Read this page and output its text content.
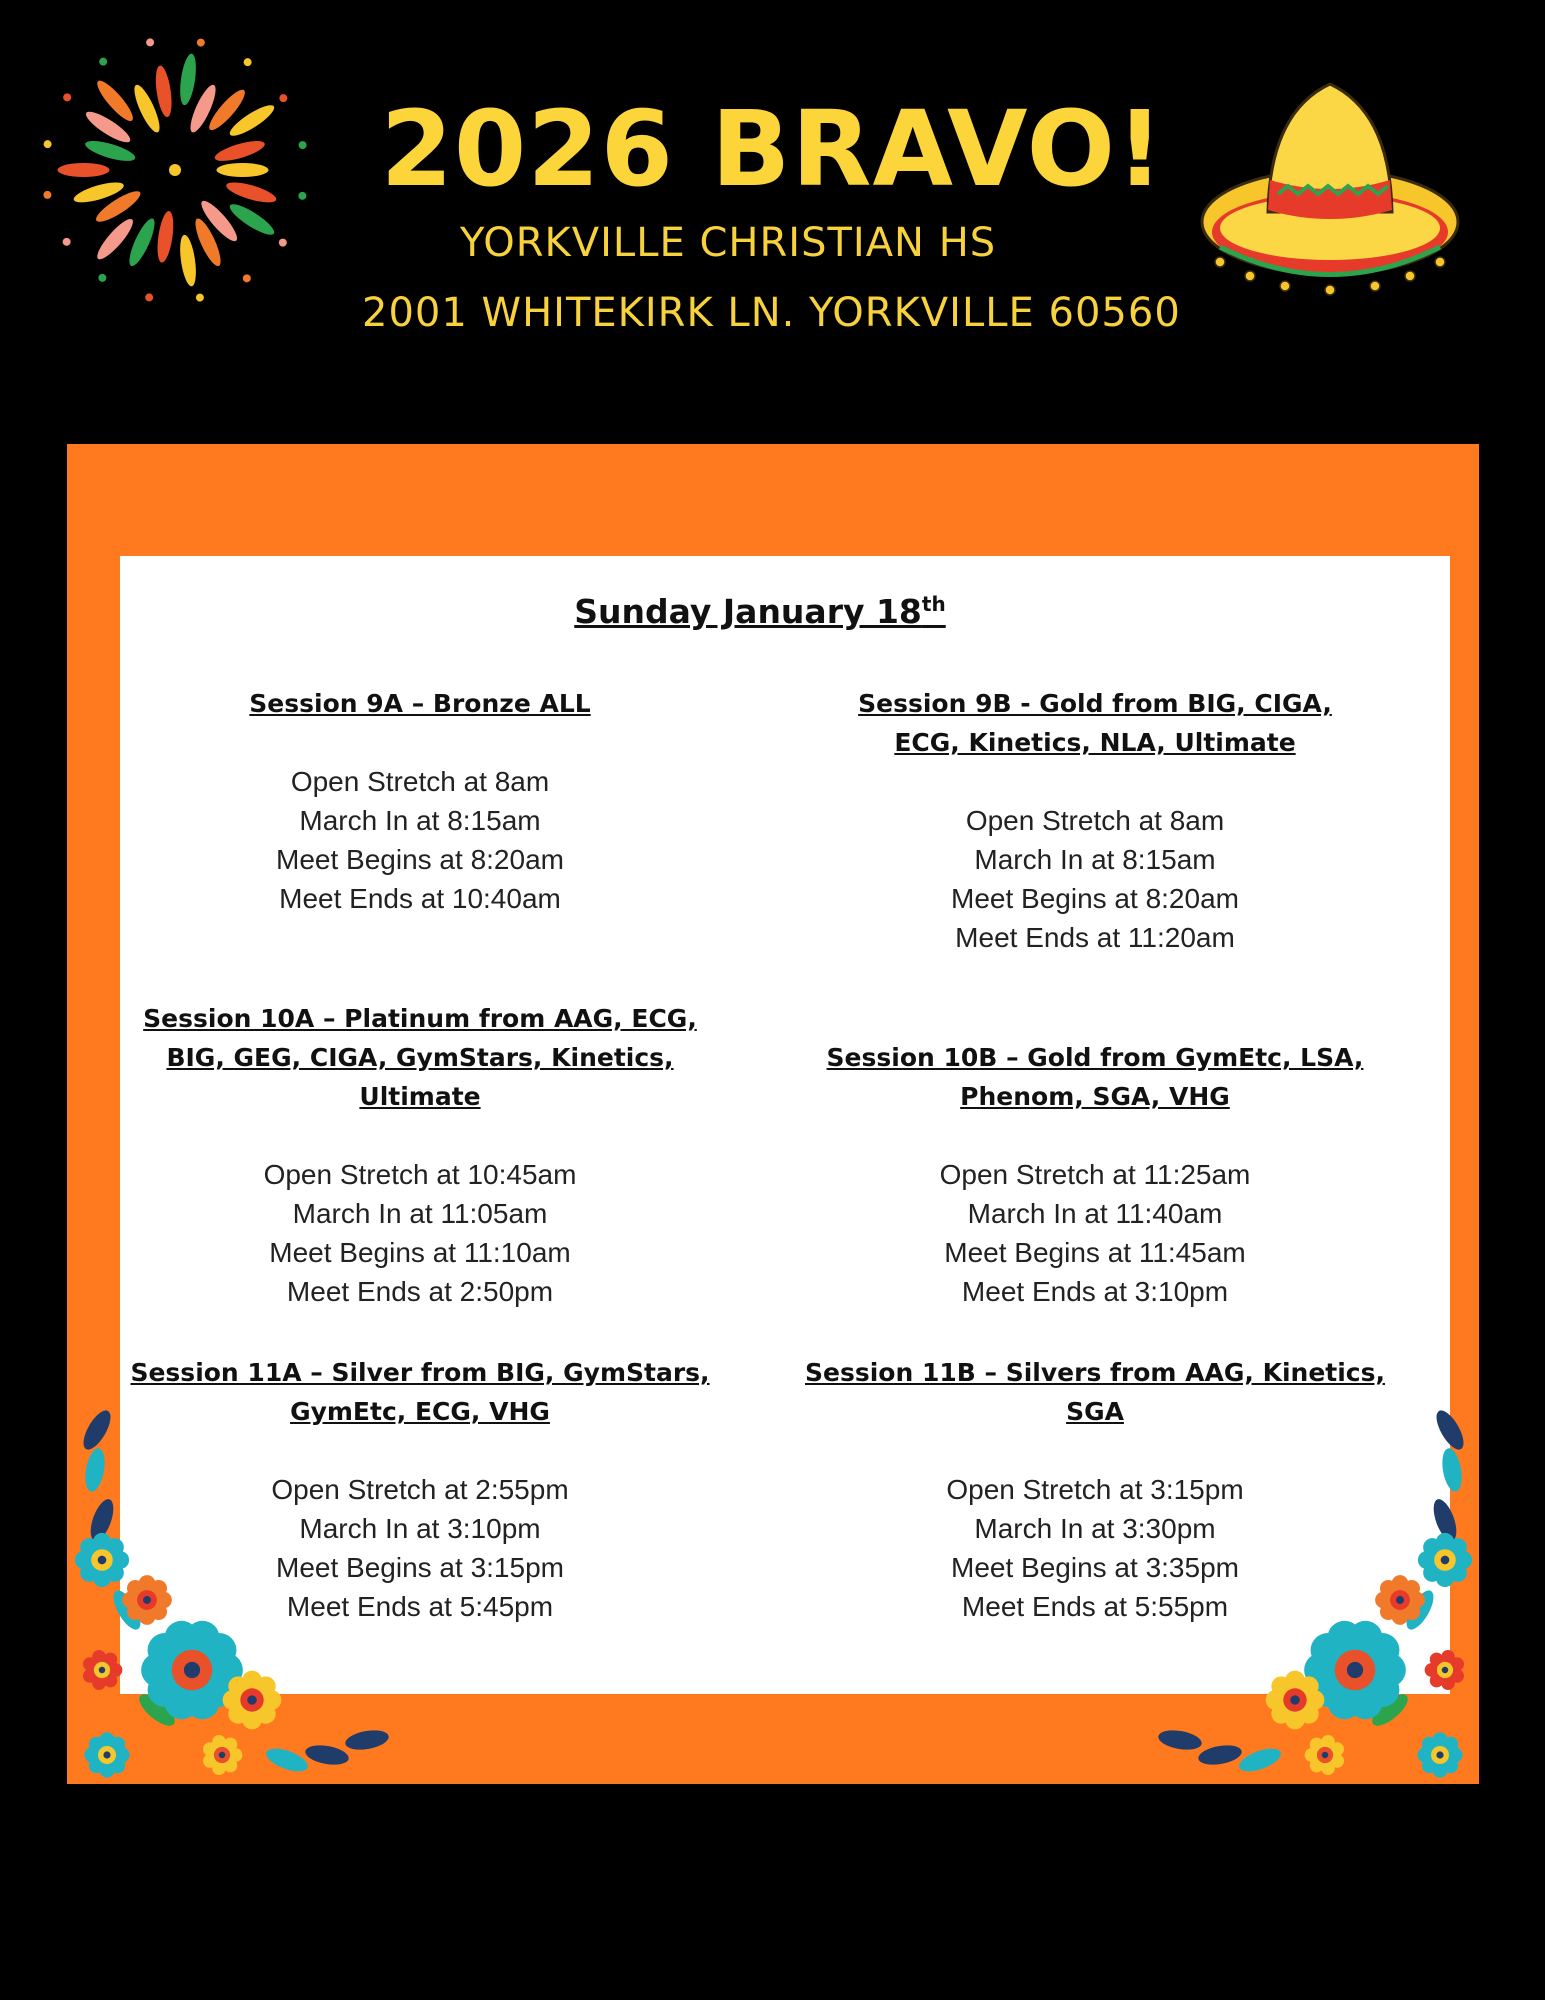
2026 BRAVO!
YORKVILLE CHRISTIAN HS
2001 WHITEKIRK LN. YORKVILLE 60560
Sunday January 18th

Session 9A – Bronze ALL

Open Stretch at 8am

March In at 8:15am

Meet Begins at 8:20am

Meet Ends at 10:40am

Session 9B - Gold from BIG, CIGA,
ECG, Kinetics, NLA, Ultimate

Open Stretch at 8am

March In at 8:15am

Meet Begins at 8:20am

Meet Ends at 11:20am

Session 10A – Platinum from AAG, ECG,
BIG, GEG, CIGA, GymStars, Kinetics,
Ultimate

Open Stretch at 10:45am

March In at 11:05am

Meet Begins at 11:10am

Meet Ends at 2:50pm

Session 10B – Gold from GymEtc, LSA,
Phenom, SGA, VHG

Open Stretch at 11:25am

March In at 11:40am

Meet Begins at 11:45am

Meet Ends at 3:10pm

Session 11A – Silver from BIG, GymStars,
GymEtc, ECG, VHG

Open Stretch at 2:55pm

March In at 3:10pm

Meet Begins at 3:15pm

Meet Ends at 5:45pm

Session 11B – Silvers from AAG, Kinetics,
SGA

Open Stretch at 3:15pm

March In at 3:30pm

Meet Begins at 3:35pm

Meet Ends at 5:55pm
